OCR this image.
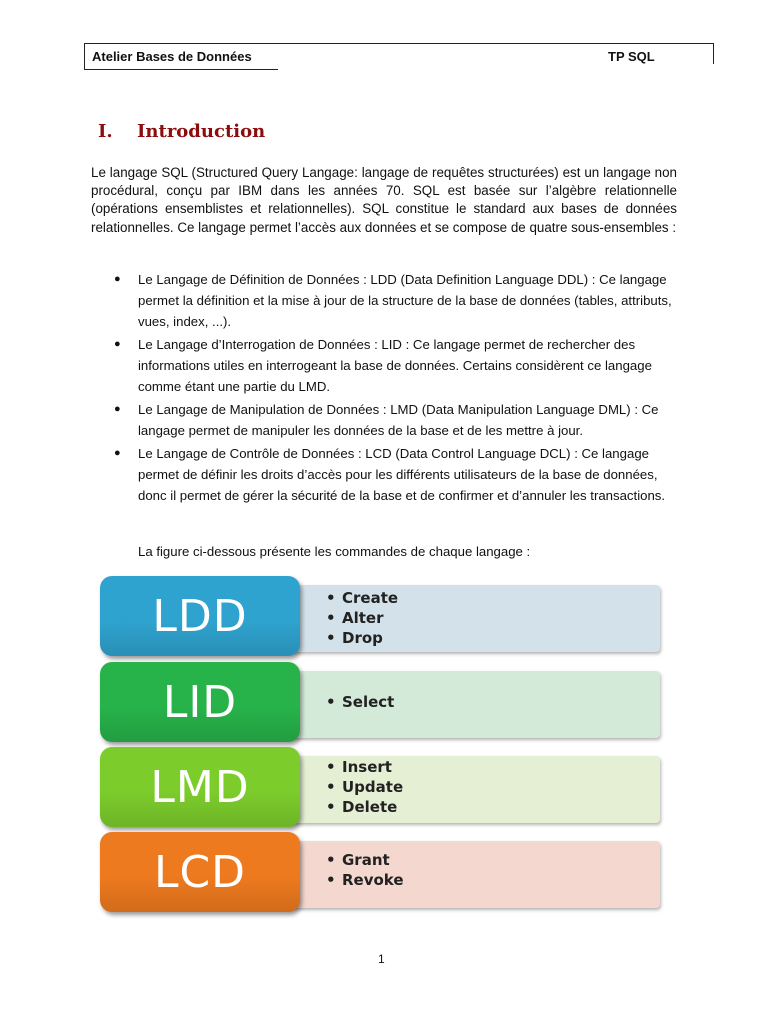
Atelier Bases de Données	TP SQL
I. Introduction

Le langage SQL (Structured Query Langage: langage de requêtes structurées) est un langage non procédural, conçu par IBM dans les années 70. SQL est basée sur l’algèbre relationnelle (opérations ensemblistes et relationnelles). SQL constitue le standard aux bases de données relationnelles. Ce langage permet l’accès aux données et se compose de quatre sous-ensembles :

● Le Langage de Définition de Données : LDD (Data Definition Language DDL) : Ce langage permet la définition et la mise à jour de la structure de la base de données (tables, attributs, vues, index, ...).
● Le Langage d’Interrogation de Données : LID : Ce langage permet de rechercher des informations utiles en interrogeant la base de données. Certains considèrent ce langage comme étant une partie du LMD.
● Le Langage de Manipulation de Données : LMD (Data Manipulation Language DML) : Ce langage permet de manipuler les données de la base et de les mettre à jour.
● Le Langage de Contrôle de Données : LCD (Data Control Language DCL) : Ce langage permet de définir les droits d’accès pour les différents utilisateurs de la base de données, donc il permet de gérer la sécurité de la base et de confirmer et d’annuler les transactions.
La figure ci-dessous présente les commandes de chaque langage :
LDD	• Create
• Alter
• Drop
LID	• Select
LMD	• Insert
• Update
• Delete
LCD	• Grant
• Revoke
1
